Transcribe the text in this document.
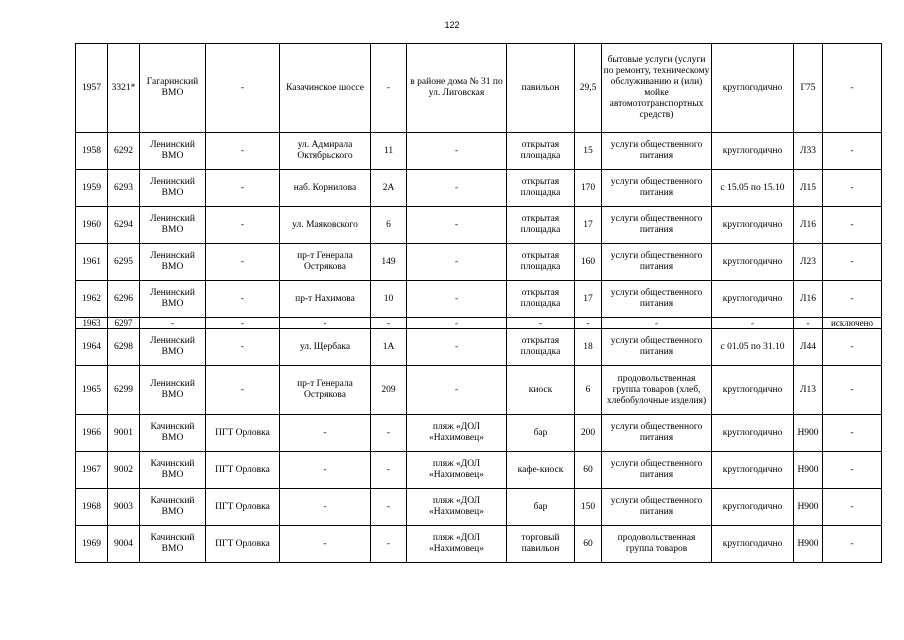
122
1957	3321*	Гагаринский ВМО	-	Казачинское шоссе	-	в районе дома № 31 по ул. Лиговская	павильон	29,5	бытовые услуги (услуги по ремонту, техническому обслуживанию и (или) мойке автомототранспортных средств)	круглогодично	Г75	-
1958	6292	Ленинский ВМО	-	ул. Адмирала Октябрьского	11	-	открытая площадка	15	услуги общественного питания	круглогодично	Л33	-
1959	6293	Ленинский ВМО	-	наб. Корнилова	2А	-	открытая площадка	170	услуги общественного питания	с 15.05 по 15.10	Л15	-
1960	6294	Ленинский ВМО	-	ул. Маяковского	6	-	открытая площадка	17	услуги общественного питания	круглогодично	Л16	-
1961	6295	Ленинский ВМО	-	пр-т Генерала Острякова	149	-	открытая площадка	160	услуги общественного питания	круглогодично	Л23	-
1962	6296	Ленинский ВМО	-	пр-т Нахимова	10	-	открытая площадка	17	услуги общественного питания	круглогодично	Л16	-
1963	6297	-	-	-	-	-	-	-	-	-	-	исключено
1964	6298	Ленинский ВМО	-	ул. Щербака	1А	-	открытая площадка	18	услуги общественного питания	с 01.05 по 31.10	Л44	-
1965	6299	Ленинский ВМО	-	пр-т Генерала Острякова	209	-	киоск	6	продовольственная группа товаров (хлеб, хлебобулочные изделия)	круглогодично	Л13	-
1966	9001	Качинский ВМО	ПГТ Орловка	-	-	пляж «ДОЛ «Нахимовец»	бар	200	услуги общественного питания	круглогодично	Н900	-
1967	9002	Качинский ВМО	ПГТ Орловка	-	-	пляж «ДОЛ «Нахимовец»	кафе-киоск	60	услуги общественного питания	круглогодично	Н900	-
1968	9003	Качинский ВМО	ПГТ Орловка	-	-	пляж «ДОЛ «Нахимовец»	бар	150	услуги общественного питания	круглогодично	Н900	-
1969	9004	Качинский ВМО	ПГТ Орловка	-	-	пляж «ДОЛ «Нахимовец»	торговый павильон	60	продовольственная группа товаров	круглогодично	Н900	-
